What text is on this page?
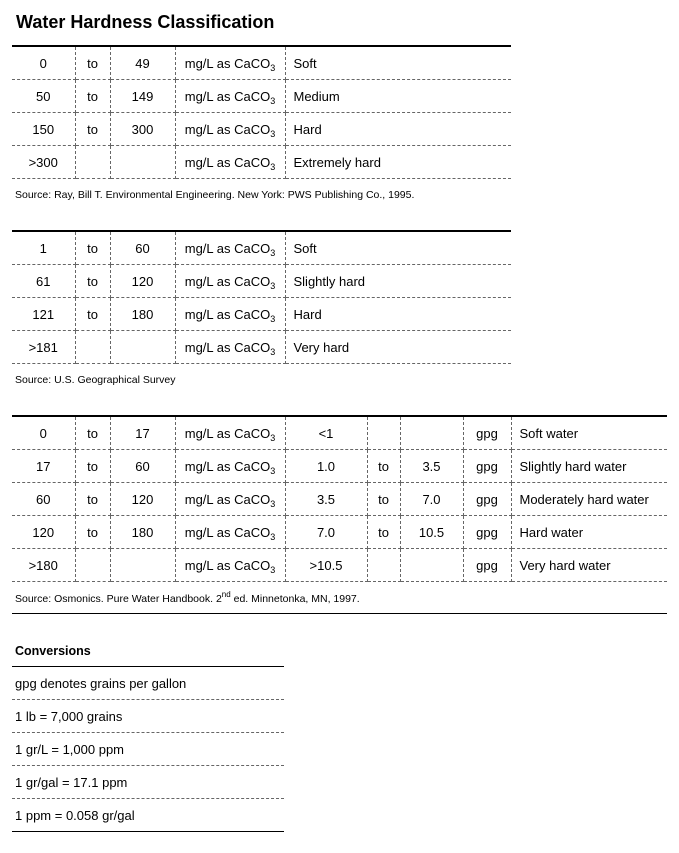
Water Hardness Classification
0	to	49	mg/L as CaCO$_3$	Soft
50	to	149	mg/L as CaCO$_3$	Medium
150	to	300	mg/L as CaCO$_3$	Hard
>300			mg/L as CaCO$_3$	Extremely hard
Source: Ray, Bill T. Environmental Engineering. New York: PWS Publishing Co., 1995.
1	to	60	mg/L as CaCO$_3$	Soft
61	to	120	mg/L as CaCO$_3$	Slightly hard
121	to	180	mg/L as CaCO$_3$	Hard
>181			mg/L as CaCO$_3$	Very hard
Source: U.S. Geographical Survey
0	to	17	mg/L as CaCO$_3$	<1			gpg	Soft water
17	to	60	mg/L as CaCO$_3$	1.0	to	3.5	gpg	Slightly hard water
60	to	120	mg/L as CaCO$_3$	3.5	to	7.0	gpg	Moderately hard water
120	to	180	mg/L as CaCO$_3$	7.0	to	10.5	gpg	Hard water
>180			mg/L as CaCO$_3$	>10.5			gpg	Very hard water
Source: Osmonics. Pure Water Handbook. 2nd ed. Minnetonka, MN, 1997.
Conversions
gpg denotes grains per gallon
1 lb = 7,000 grains
1 gr/L = 1,000 ppm
1 gr/gal = 17.1 ppm
1 ppm = 0.058 gr/gal
